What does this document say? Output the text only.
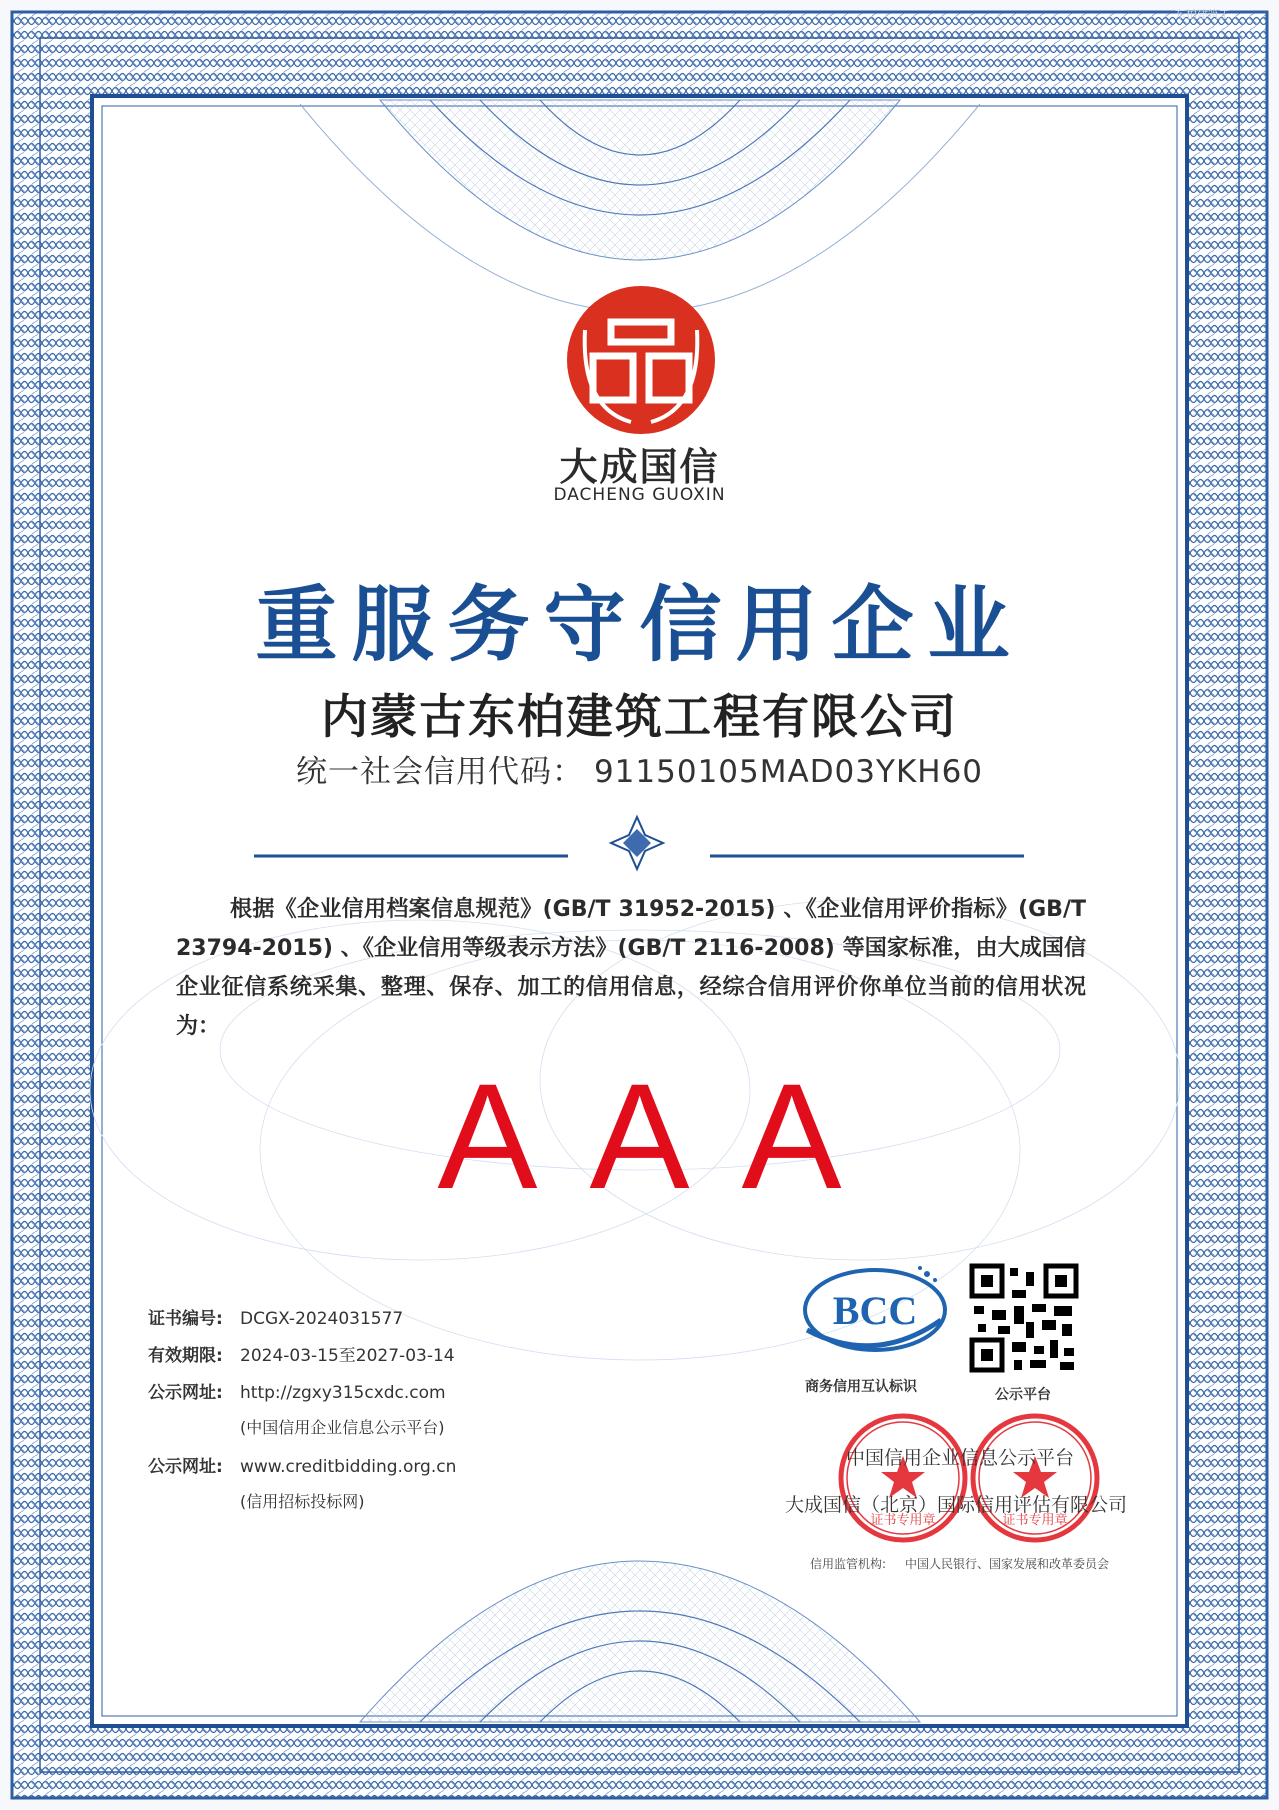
BCC
证书专用章	证书专用章
东柏建筑工
大成国信
DACHENG GUOXIN
重服务守信用企业
内蒙古东柏建筑工程有限公司
统一社会信用代码： 91150105MAD03YKH60
根据《企业信用档案信息规范》(GB/T 31952-2015) 、《企业信用评价指标》(GB/T 23794-2015) 、《企业信用等级表示方法》(GB/T 2116-2008) 等国家标准，由大成国信企业征信系统采集、整理、保存、加工的信用信息，经综合信用评价你单位当前的信用状况为：
AAA
证书编号: DCGX-2024031577
有效期限: 2024-03-15至2027-03-14
公示网址: http://zgxy315cxdc.com
(中国信用企业信息公示平台)
公示网址: www.creditbidding.org.cn
(信用招标投标网)
商务信用互认标识	公示平台
中国信用企业信息公示平台
大成国信（北京）国际信用评估有限公司
信用监管机构: 中国人民银行、国家发展和改革委员会
